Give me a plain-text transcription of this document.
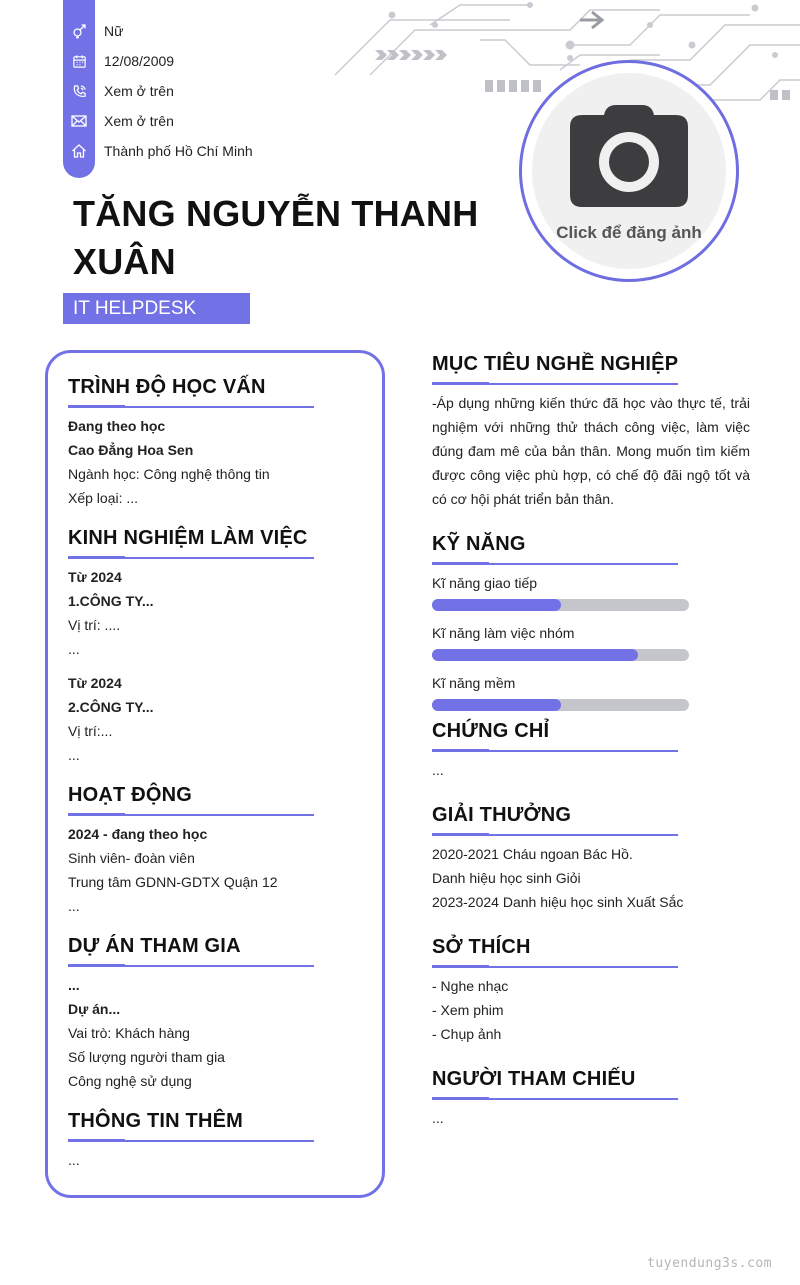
Nữ
12/08/2009
Xem ở trên
Xem ở trên
Thành phố Hồ Chí Minh
TĂNG NGUYỄN THANH
XUÂN
IT HELPDESK
Click để đăng ảnh
TRÌNH ĐỘ HỌC VẤN
Đang theo học
Cao Đẳng Hoa Sen
Ngành học: Công nghệ thông tin
Xếp loại: ...
KINH NGHIỆM LÀM VIỆC
Từ 2024
1.CÔNG TY...
Vị trí: ....
...
Từ 2024
2.CÔNG TY...
Vị trí:...
...
HOẠT ĐỘNG
2024 - đang theo học
Sinh viên- đoàn viên
Trung tâm GDNN-GDTX Quận 12
...
DỰ ÁN THAM GIA
...
Dự án...
Vai trò: Khách hàng
Số lượng người tham gia
Công nghệ sử dụng
THÔNG TIN THÊM
...
MỤC TIÊU NGHỀ NGHIỆP
-Áp dụng những kiến thức đã học vào thực tế, trải nghiệm với những thử thách công việc, làm việc đúng đam mê của bản thân. Mong muốn tìm kiếm được công việc phù hợp, có chế độ đãi ngộ tốt và có cơ hội phát triển bản thân.
KỸ NĂNG
Kĩ năng giao tiếp
Kĩ năng làm việc nhóm
Kĩ năng mềm
CHỨNG CHỈ
...
GIẢI THƯỞNG
2020-2021 Cháu ngoan Bác Hồ.
Danh hiệu học sinh Giỏi
2023-2024 Danh hiệu học sinh Xuất Sắc
SỞ THÍCH
- Nghe nhạc
- Xem phim
- Chụp ảnh
NGƯỜI THAM CHIẾU
...
tuyendung3s.com
